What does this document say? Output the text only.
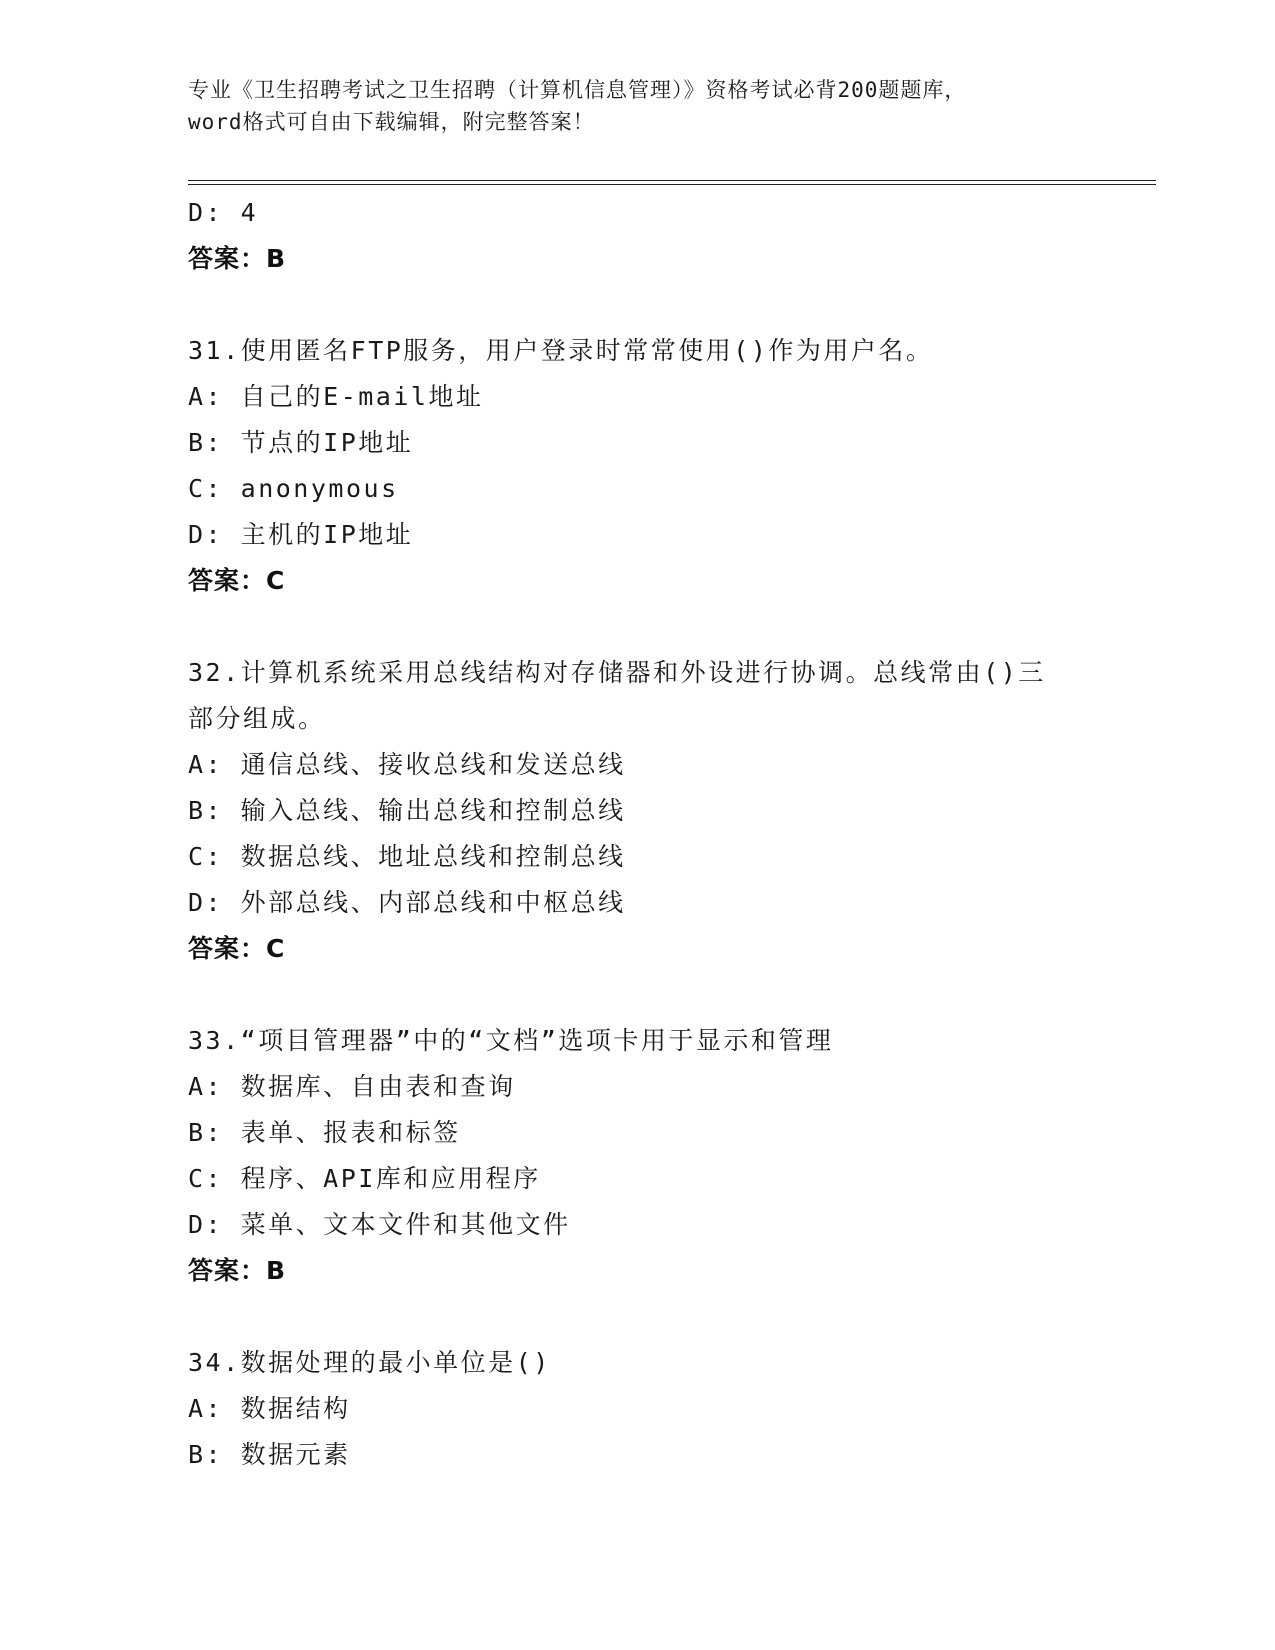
专业《卫生招聘考试之卫生招聘（计算机信息管理）》资格考试必背200题题库，
word格式可自由下载编辑，附完整答案！
D: 4
答案：B
31.使用匿名FTP服务，用户登录时常常使用()作为用户名。
A: 自己的E-mail地址
B: 节点的IP地址
C: anonymous
D: 主机的IP地址
答案：C
32.计算机系统采用总线结构对存储器和外设进行协调。总线常由()三部分组成。
A: 通信总线、接收总线和发送总线
B: 输入总线、输出总线和控制总线
C: 数据总线、地址总线和控制总线
D: 外部总线、内部总线和中枢总线
答案：C
33.“项目管理器”中的“文档”选项卡用于显示和管理
A: 数据库、自由表和查询
B: 表单、报表和标签
C: 程序、API库和应用程序
D: 菜单、文本文件和其他文件
答案：B
34.数据处理的最小单位是()
A: 数据结构
B: 数据元素
